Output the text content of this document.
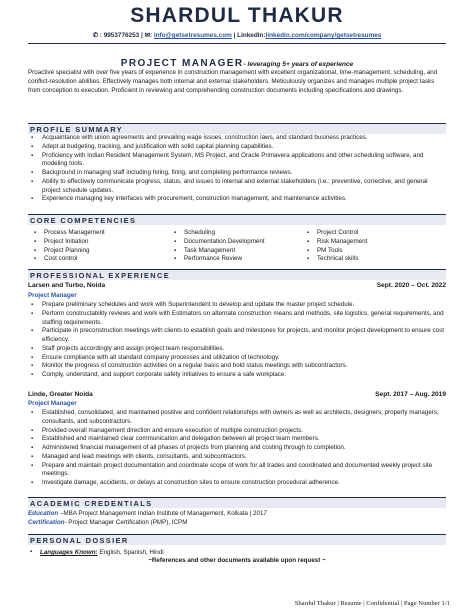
SHARDUL THAKUR
✆ : 9953776253 | ✉: info@getsetresumes.com | LinkedIn:linkedin.com/company/getsetresumes
PROJECT MANAGER- leveraging 5+ years of experience
Proactive specialist with over five years of experience in construction management with excellent organizational, time-management, scheduling, and conflict-resolution abilities. Effectively manages both internal and external stakeholders. Meticulously organizes and manages multiple project tasks from conception to execution. Proficient in reviewing and comprehending construction documents including specifications and drawings.
PROFILE SUMMARY
▪ Acquaintance with union agreements and prevailing wage issues, construction laws, and standard business practices.
▪ Adept at budgeting, tracking, and justification with solid capital planning capabilities.
▪ Proficiency with Indian Resident Management System, MS Project, and Oracle Primavera applications and other scheduling software, and modeling tools.
▪ Background in managing staff including hiring, firing, and completing performance reviews.
▪ Ability to effectively communicate progress, status, and issues to internal and external stakeholders (i.e.: preventive, corrective, and general project schedule updates.
▪ Experience managing key interfaces with procurement, construction management, and maintenance activities.
CORE COMPETENCIES
▪ Process Management
▪ Project Initiation
▪ Project Planning
▪ Cost control
▪ Scheduling
▪ Documentation Development
▪ Task Management
▪ Performance Review
▪ Project Control
▪ Risk Management
▪ PM Tools
▪ Technical skills
PROFESSIONAL EXPERIENCE
Larsen and Turbo, Noida	Sept. 2020 – Oct. 2022
Project Manager
▪ Prepare preliminary schedules and work with Superintendent to develop and update the master project schedule.
▪ Perform constructability reviews and work with Estimators on alternate construction means and methods, site logistics, general requirements, and staffing requirements.
▪ Participate in preconstruction meetings with clients to establish goals and milestones for projects, and monitor project development to ensure cost efficiency.
▪ Staff projects accordingly and assign project team responsibilities.
▪ Ensure compliance with all standard company processes and utilization of technology.
▪ Monitor the progress of construction activities on a regular basis and hold status meetings with subcontractors.
▪ Comply, understand, and support corporate safety initiatives to ensure a safe workplace.
Linde, Greater Noida	Sept. 2017 – Aug. 2019
Project Manager
▪ Established, consolidated, and maintained positive and confident relationships with owners as well as architects, designers, property managers, consultants, and subcontractors.
▪ Provided overall management direction and ensure execution of multiple construction projects.
▪ Established and maintained clear communication and delegation between all project team members.
▪ Administered financial management of all phases of projects from planning and costing through to completion.
▪ Managed and lead meetings with clients, consultants, and subcontractors.
▪ Prepare and maintain project documentation and coordinate scope of work for all trades and coordinated and documented weekly project site meetings.
▪ Investigate damage, accidents, or delays at construction sites to ensure construction procedural adherence.
ACADEMIC CREDENTIALS
Education –MBA Project Management Indian Institute of Management, Kolkata | 2017
Certification- Project Manager Certification (PMP), ICPM
PERSONAL DOSSIER
▪ Languages Known: English, Spanish, Hindi
~References and other documents available upon request ~
Shardul Thakur | Resume | Confidential | Page Number 1/1
